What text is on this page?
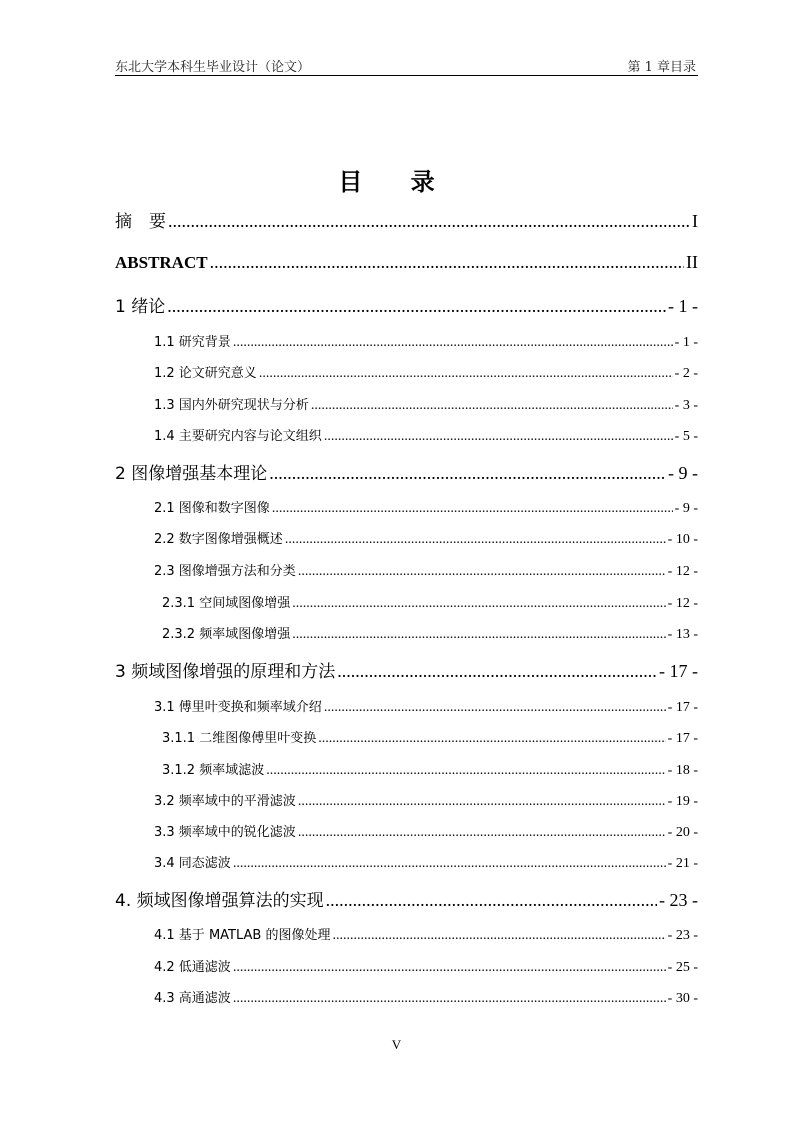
东北大学本科生毕业设计（论文）	第 1 章目录
目 录
摘　要 .....	I
ABSTRACT .....	II
1 绪论 .....	- 1 -
1.1 研究背景 .....	- 1 -
1.2 论文研究意义 .....	- 2 -
1.3 国内外研究现状与分析 .....	- 3 -
1.4 主要研究内容与论文组织 .....	- 5 -
2 图像增强基本理论 .....	- 9 -
2.1 图像和数字图像 .....	- 9 -
2.2 数字图像增强概述 .....	- 10 -
2.3 图像增强方法和分类 .....	- 12 -
2.3.1 空间域图像增强 .....	- 12 -
2.3.2 频率域图像增强 .....	- 13 -
3 频域图像增强的原理和方法 .....	- 17 -
3.1 傅里叶变换和频率域介绍 .....	- 17 -
3.1.1 二维图像傅里叶变换 .....	- 17 -
3.1.2 频率域滤波 .....	- 18 -
3.2 频率域中的平滑滤波 .....	- 19 -
3.3 频率域中的锐化滤波 .....	- 20 -
3.4 同态滤波 .....	- 21 -
4. 频域图像增强算法的实现 .....	- 23 -
4.1 基于 MATLAB 的图像处理 .....	- 23 -
4.2 低通滤波 .....	- 25 -
4.3 高通滤波 .....	- 30 -
V
